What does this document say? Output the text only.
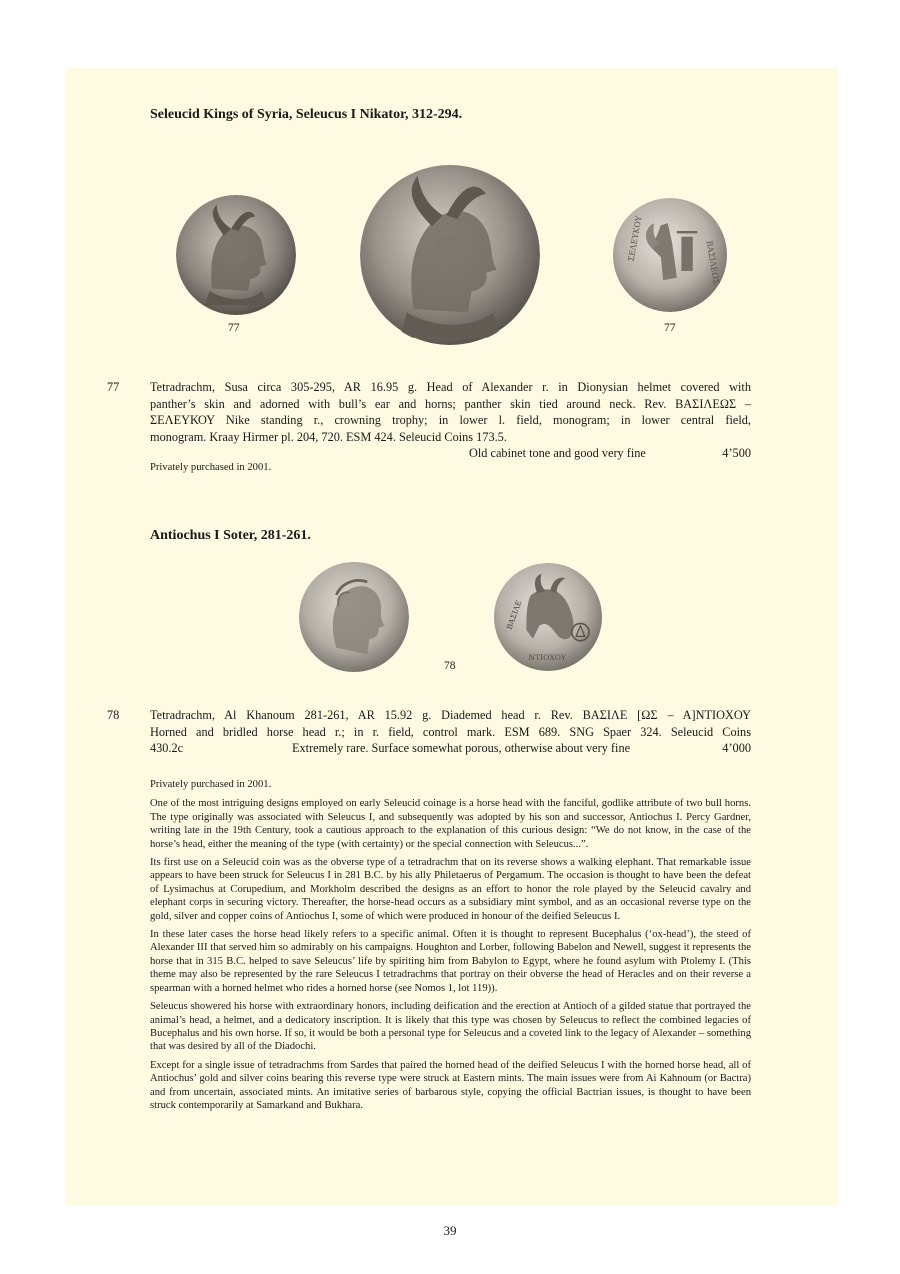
Seleucid Kings of Syria, Seleucus I Nikator, 312-294.
ΣΕΛΕΥΚΟΥ
ΒΑΣΙΛΕΩΣ
77	77
77 Tetradrachm, Susa circa 305-295, AR 16.95 g. Head of Alexander r. in Dionysian helmet covered with
panther’s skin and adorned with bull’s ear and horns; panther skin tied around neck. Rev. ΒΑΣΙΛΕΩΣ –
ΣΕΛΕΥΚΟΥ Nike standing r., crowning trophy; in lower l. field, monogram; in lower central field,
monogram. Kraay Hirmer pl. 204, 720. ESM 424. Seleucid Coins 173.5.
Old cabinet tone and good very fine	4’500
Privately purchased in 2001.
Antiochus I Soter, 281-261.
ΒΑΣΙΛΕ
ΝΤΙΟΧΟΥ
78
78 Tetradrachm, Al Khanoum 281-261, AR 15.92 g. Diademed head r. Rev. ΒΑΣΙΛΕ [ΩΣ – Α]ΝΤΙΟΧΟΥ
Horned and bridled horse head r.; in r. field, control mark. ESM 689. SNG Spaer 324. Seleucid Coins
430.2c	Extremely rare. Surface somewhat porous, otherwise about very fine	4’000
Privately purchased in 2001.
One of the most intriguing designs employed on early Seleucid coinage is a horse head with the fanciful, godlike attribute of two bull horns. The type originally was associated with Seleucus I, and subsequently was adopted by his son and successor, Antiochus I. Percy Gardner, writing late in the 19th Century, took a cautious approach to the explanation of this curious design: “We do not know, in the case of the horse’s head, either the meaning of the type (with certainty) or the special connection with Seleucus...”.
Its first use on a Seleucid coin was as the obverse type of a tetradrachm that on its reverse shows a walking elephant. That remarkable issue appears to have been struck for Seleucus I in 281 B.C. by his ally Philetaerus of Pergamum. The occasion is thought to have been the defeat of Lysimachus at Corupedium, and Morkholm described the designs as an effort to honor the role played by the Seleucid cavalry and elephant corps in securing victory. Thereafter, the horse-head occurs as a subsidiary mint symbol, and as an occasional reverse type on the gold, silver and copper coins of Antiochus I, some of which were produced in honour of the deified Seleucus I.
In these later cases the horse head likely refers to a specific animal. Often it is thought to represent Bucephalus (‘ox-head’), the steed of Alexander III that served him so admirably on his campaigns. Houghton and Lorber, following Babelon and Newell, suggest it represents the horse that in 315 B.C. helped to save Seleucus’ life by spiriting him from Babylon to Egypt, where he found asylum with Ptolemy I. (This theme may also be represented by the rare Seleucus I tetradrachms that portray on their obverse the head of Heracles and on their reverse a spearman with a horned helmet who rides a horned horse (see Nomos 1, lot 119)).
Seleucus showered his horse with extraordinary honors, including deification and the erection at Antioch of a gilded statue that portrayed the animal’s head, a helmet, and a dedicatory inscription. It is likely that this type was chosen by Seleucus to reflect the combined legacies of Bucephalus and his own horse. If so, it would be both a personal type for Seleucus and a coveted link to the legacy of Alexander – something that was desired by all of the Diadochi.
Except for a single issue of tetradrachms from Sardes that paired the horned head of the deified Seleucus I with the horned horse head, all of Antiochus’ gold and silver coins bearing this reverse type were struck at Eastern mints. The main issues were from Ai Kahnoum (or Bactra) and from uncertain, associated mints. An imitative series of barbarous style, copying the official Bactrian issues, is thought to have been struck contemporarily at Samarkand and Bukhara.
39
